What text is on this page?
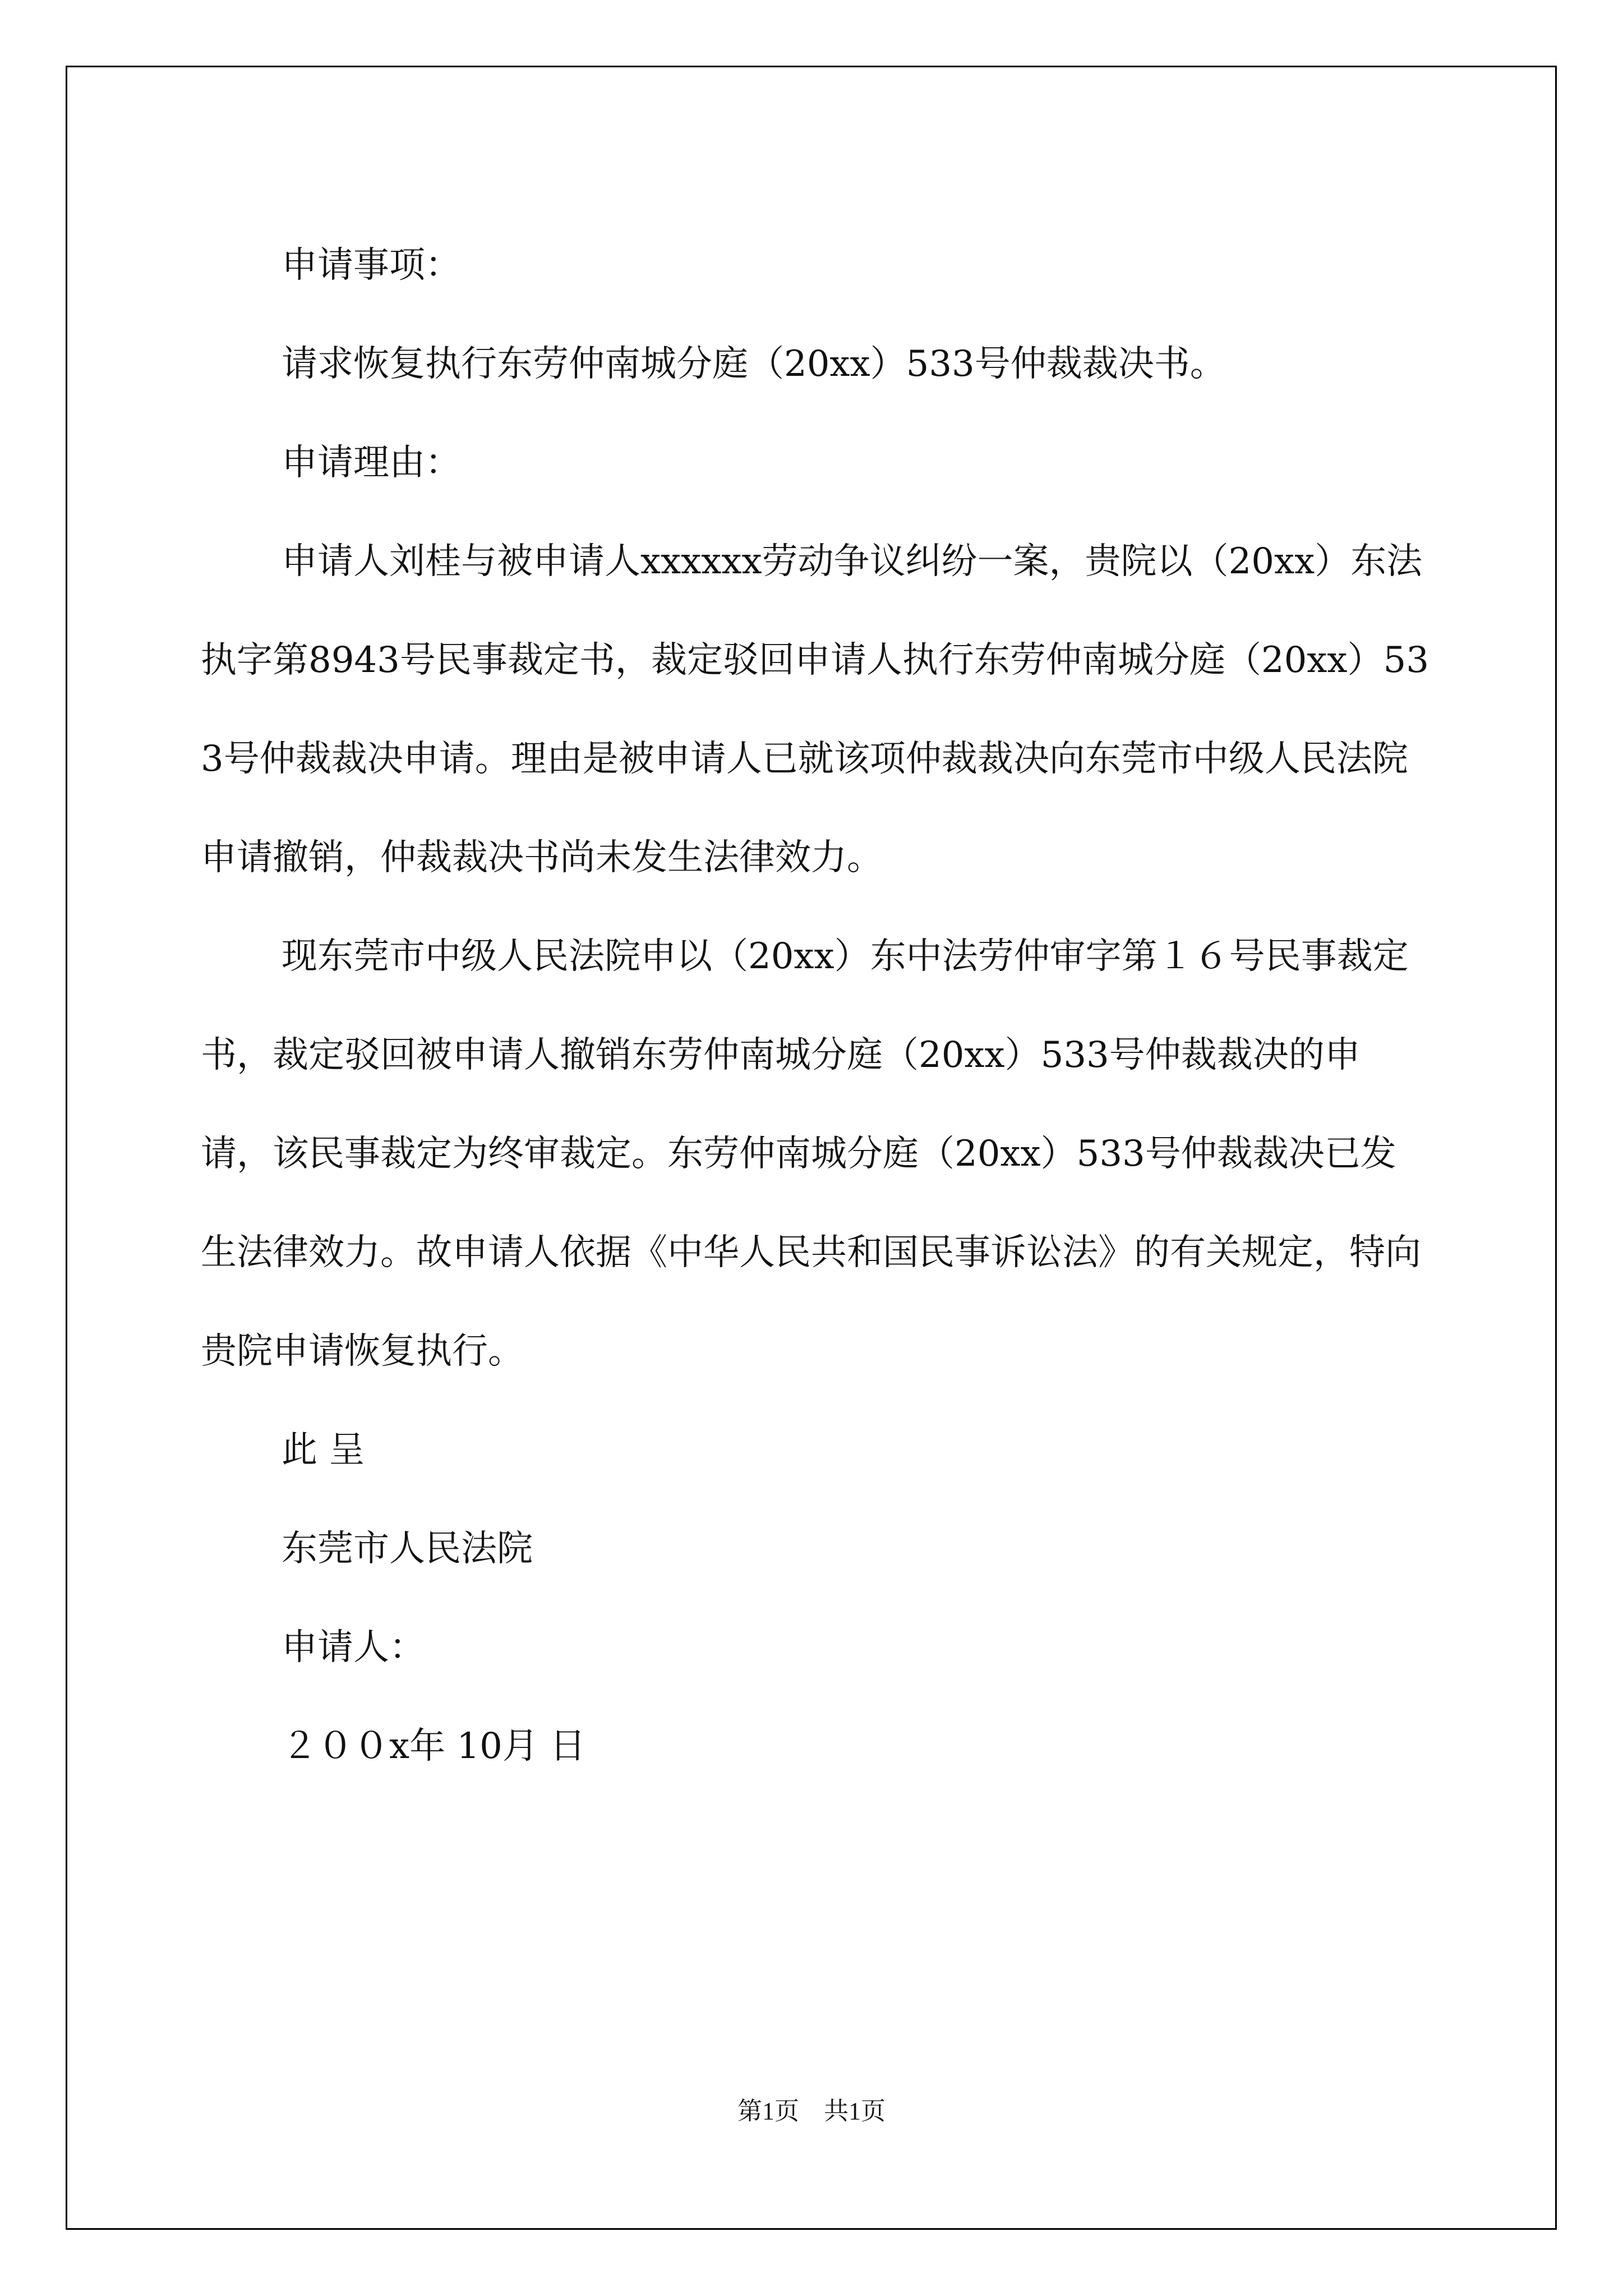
申请事项：

请求恢复执行东劳仲南城分庭（20xx）533号仲裁裁决书。

申请理由：

申请人刘桂与被申请人xxxxxx劳动争议纠纷一案，贵院以（20xx）东法执字第8943号民事裁定书，裁定驳回申请人执行东劳仲南城分庭（20xx）533号仲裁裁决申请。理由是被申请人已就该项仲裁裁决向东莞市中级人民法院申请撤销，仲裁裁决书尚未发生法律效力。

现东莞市中级人民法院申以（20xx）东中法劳仲审字第１６号民事裁定书，裁定驳回被申请人撤销东劳仲南城分庭（20xx）533号仲裁裁决的申请，该民事裁定为终审裁定。东劳仲南城分庭（20xx）533号仲裁裁决已发生法律效力。故申请人依据《中华人民共和国民事诉讼法》的有关规定，特向贵院申请恢复执行。

此 呈

东莞市人民法院

申请人：

２００x年 10月 日

第1页　共1页
